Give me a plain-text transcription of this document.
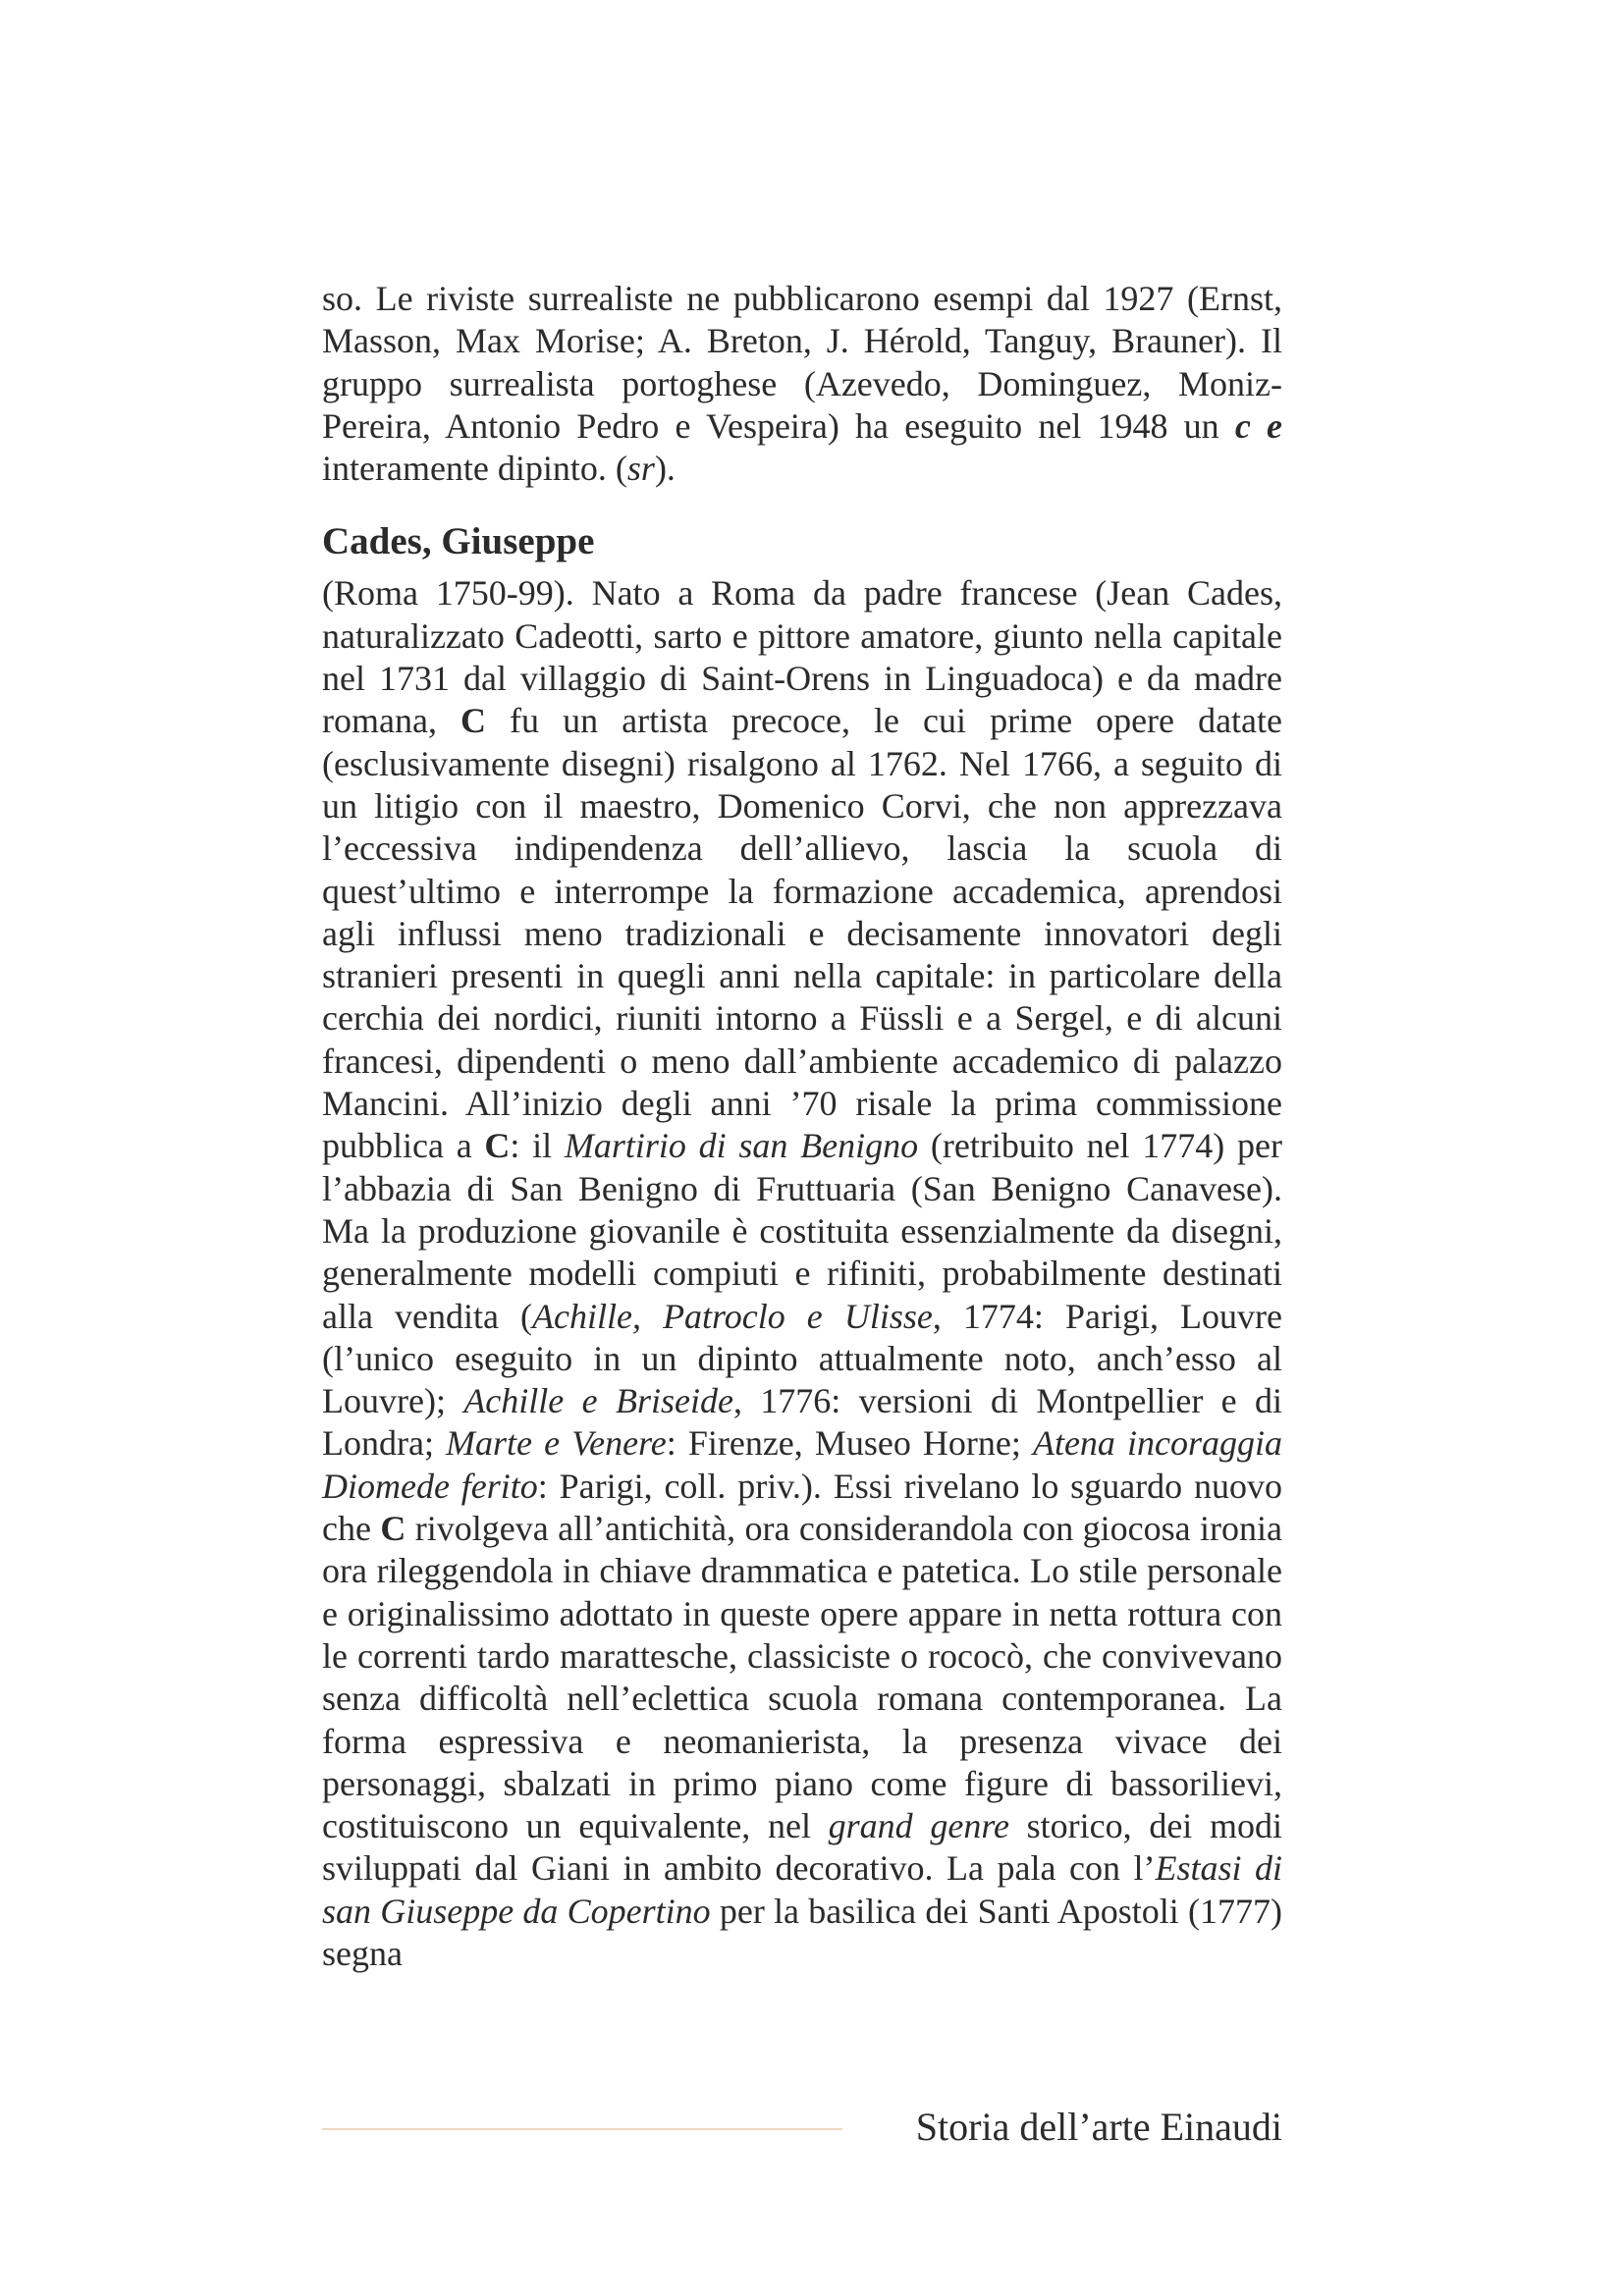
so. Le riviste surrealiste ne pubblicarono esempi dal 1927 (Ernst, Masson, Max Morise; A. Breton, J. Hérold, Tanguy, Brauner). Il gruppo surrealista portoghese (Azevedo, Dominguez, Moniz-Pereira, Antonio Pedro e Vespeira) ha eseguito nel 1948 un c e interamente dipinto. (sr).

Cades, Giuseppe

(Roma 1750-99). Nato a Roma da padre francese (Jean Cades, naturalizzato Cadeotti, sarto e pittore amatore, giunto nella capitale nel 1731 dal villaggio di Saint-Orens in Linguadoca) e da madre romana, C fu un artista precoce, le cui prime opere datate (esclusivamente disegni) risalgono al 1762. Nel 1766, a seguito di un litigio con il maestro, Domenico Corvi, che non apprezzava l’eccessiva indipendenza dell’allievo, lascia la scuola di quest’ultimo e interrompe la formazione accademica, aprendosi agli influssi meno tradizionali e decisamente innovatori degli stranieri presenti in quegli anni nella capitale: in particolare della cerchia dei nordici, riuniti intorno a Füssli e a Sergel, e di alcuni francesi, dipendenti o meno dall’ambiente accademico di palazzo Mancini. All’inizio degli anni ’70 risale la prima commissione pubblica a C: il Martirio di san Benigno (retribuito nel 1774) per l’abbazia di San Benigno di Fruttuaria (San Benigno Canavese). Ma la produzione giovanile è costituita essenzialmente da disegni, generalmente modelli compiuti e rifiniti, probabilmente destinati alla vendita (Achille, Patroclo e Ulisse, 1774: Parigi, Louvre (l’unico eseguito in un dipinto attualmente noto, anch’esso al Louvre); Achille e Briseide, 1776: versioni di Montpellier e di Londra; Marte e Venere: Firenze, Museo Horne; Atena incoraggia Diomede ferito: Parigi, coll. priv.). Essi rivelano lo sguardo nuovo che C rivolgeva all’antichità, ora considerandola con giocosa ironia ora rileggendola in chiave drammatica e patetica. Lo stile personale e originalissimo adottato in queste opere appare in netta rottura con le correnti tardo marattesche, classiciste o rococò, che convivevano senza difficoltà nell’eclettica scuola romana contemporanea. La forma espressiva e neomanierista, la presenza vivace dei personaggi, sbalzati in primo piano come figure di bassorilievi, costituiscono un equivalente, nel grand genre storico, dei modi sviluppati dal Giani in ambito decorativo. La pala con l’Estasi di san Giuseppe da Copertino per la basilica dei Santi Apostoli (1777) segna

Storia dell’arte Einaudi
